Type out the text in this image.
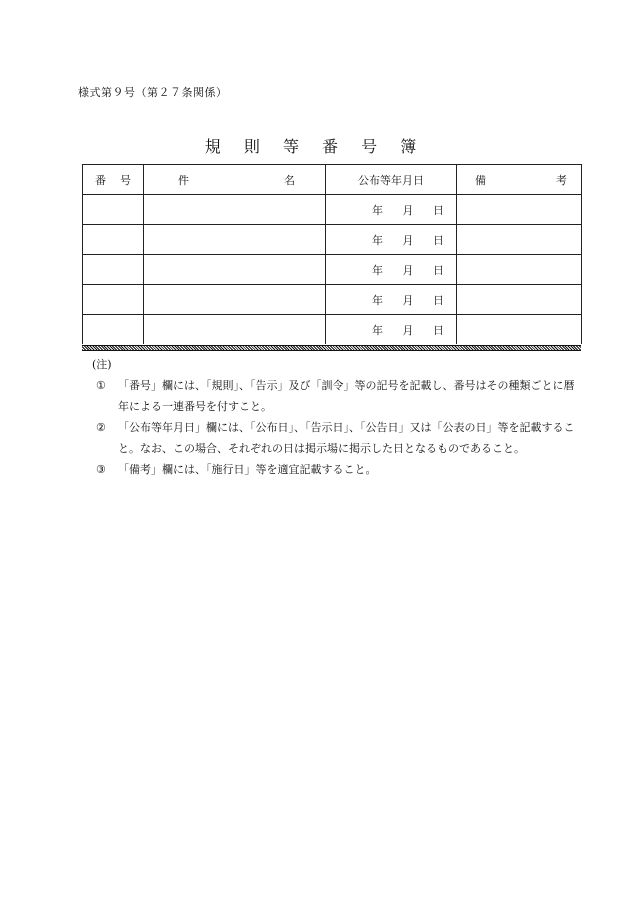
様式第９号（第２７条関係）
規 則 等 番 号 簿
番 号	件 名	公布等年月日	備 考

		年 月 日	

		年 月 日	

		年 月 日	

		年 月 日	

		年 月 日	

(注)

①	「番号」欄には、「規則」、「告示」及び「訓令」等の記号を記載し、番号はその種類ごとに暦年による一連番号を付すこと。
②	「公布等年月日」欄には、「公布日」、「告示日」、「公告日」又は「公表の日」等を記載すること。なお、この場合、それぞれの日は掲示場に掲示した日となるものであること。
③	「備考」欄には、「施行日」等を適宜記載すること。
